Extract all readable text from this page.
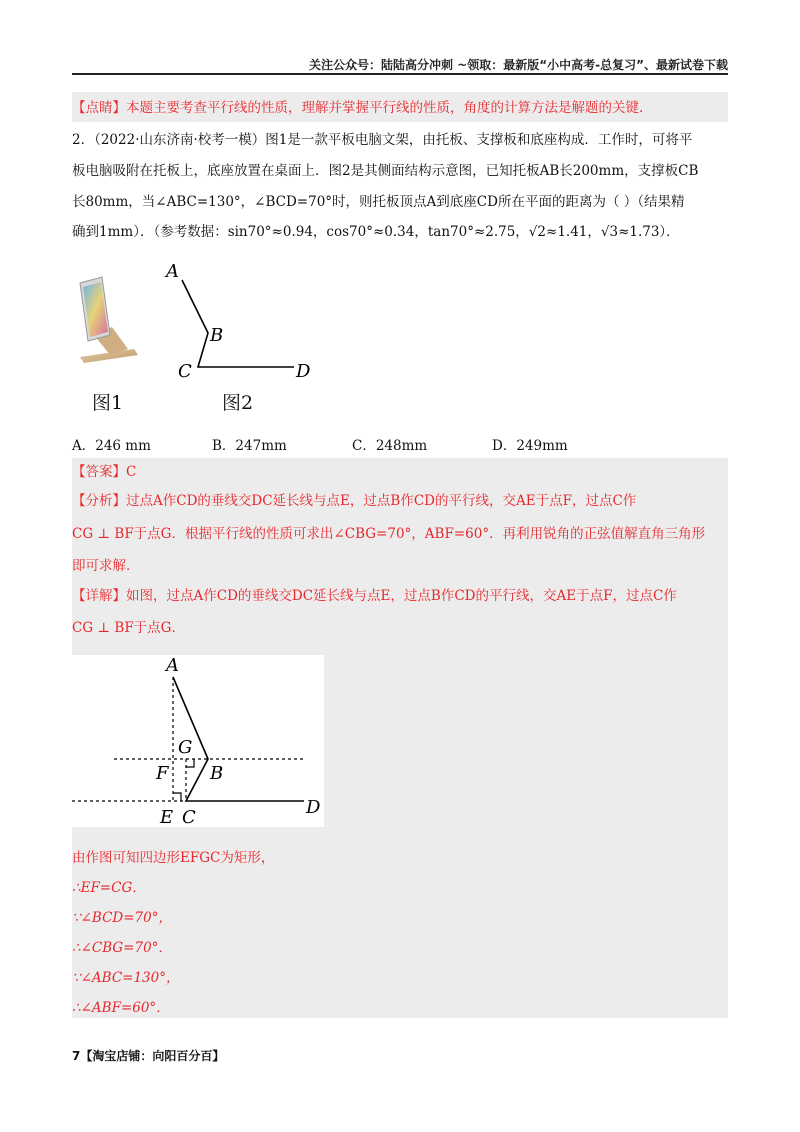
关注公众号：陆陆高分冲刺 ~领取：最新版“小中高考-总复习”、最新试卷下载
【点睛】本题主要考查平行线的性质，理解并掌握平行线的性质，角度的计算方法是解题的关键.
2．（2022·山东济南·校考一模）图1是一款平板电脑文架，由托板、支撑板和底座构成．工作时，可将平
板电脑吸附在托板上，底座放置在桌面上．图2是其侧面结构示意图，已知托板AB长200mm，支撑板CB
长80mm，当∠ABC=130°，∠BCD=70°时，则托板顶点A到底座CD所在平面的距离为（ ）（结果精
确到1mm）．（参考数据：sin70°≈0.94，cos70°≈0.34，tan70°≈2.75，√2≈1.41，√3≈1.73）．
图1
A
B
C	D
图2
A．246 mm	B．247mm	C．248mm	D．249mm
【答案】C
【分析】过点A作CD的垂线交DC延长线与点E，过点B作CD的平行线，交AE于点F，过点C作
CG ⊥ BF于点G．根据平行线的性质可求出∠CBG=70°，ABF=60°．再利用锐角的正弦值解直角三角形
即可求解．
【详解】如图，过点A作CD的垂线交DC延长线与点E，过点B作CD的平行线，交AE于点F，过点C作
CG ⊥ BF于点G．
A
G
F B
E C	D
由作图可知四边形EFGC为矩形，
∴EF=CG．
∵∠BCD=70°，
∴∠CBG=70°．
∵∠ABC=130°，
∴∠ABF=60°．
7【淘宝店铺：向阳百分百】
